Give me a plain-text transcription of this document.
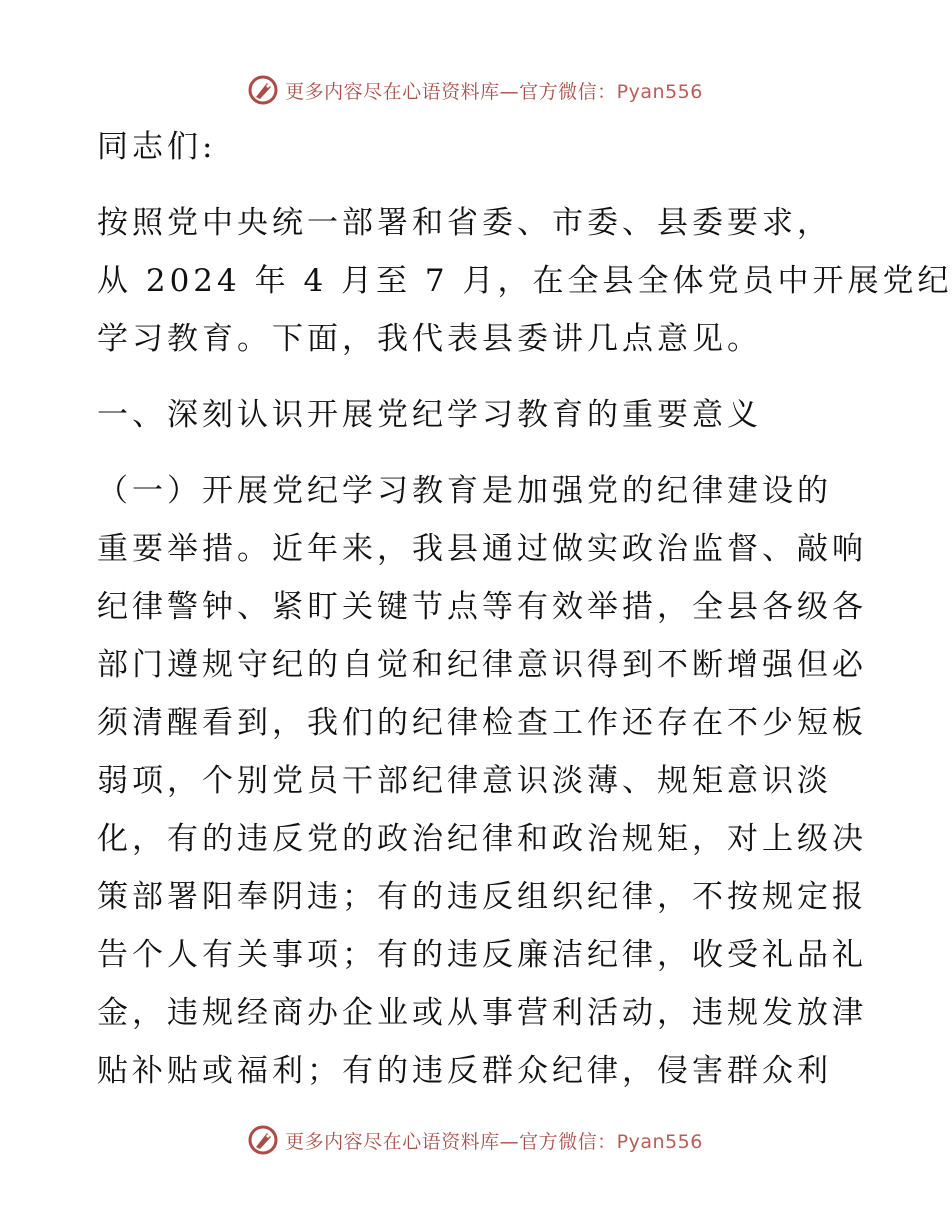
更多内容尽在心语资料库—官方微信：Pyan556
同志们:
按照党中央统一部署和省委、市委、县委要求，
从 2024 年 4 月至 7 月，在全县全体党员中开展党纪
学习教育。下面，我代表县委讲几点意见。
一、深刻认识开展党纪学习教育的重要意义
（一）开展党纪学习教育是加强党的纪律建设的
重要举措。近年来，我县通过做实政治监督、敲响
纪律警钟、紧盯关键节点等有效举措，全县各级各
部门遵规守纪的自觉和纪律意识得到不断增强但必
须清醒看到，我们的纪律检查工作还存在不少短板
弱项，个别党员干部纪律意识淡薄、规矩意识淡
化，有的违反党的政治纪律和政治规矩，对上级决
策部署阳奉阴违；有的违反组织纪律，不按规定报
告个人有关事项；有的违反廉洁纪律，收受礼品礼
金，违规经商办企业或从事营利活动，违规发放津
贴补贴或福利；有的违反群众纪律，侵害群众利
更多内容尽在心语资料库—官方微信：Pyan556
